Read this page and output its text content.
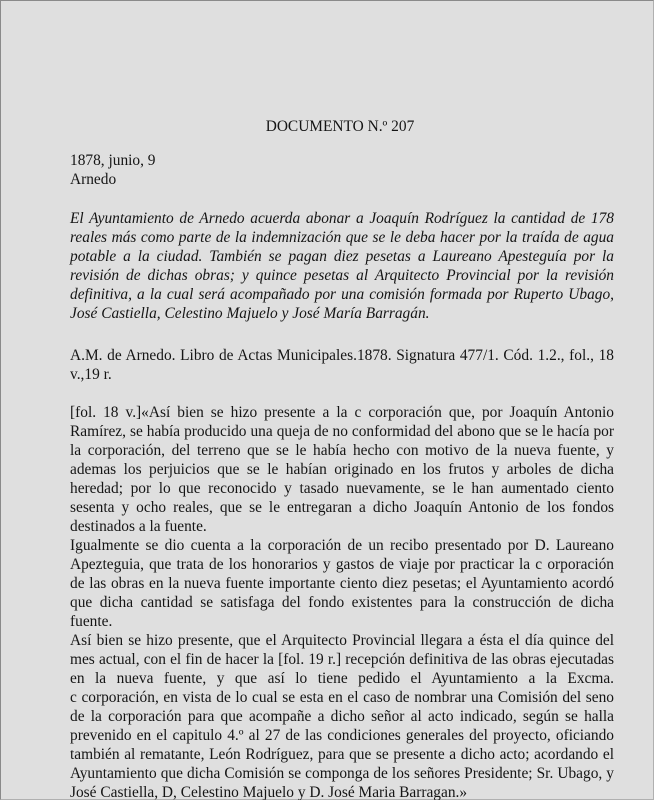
DOCUMENTO N.º 207
1878, junio, 9
Arnedo
El Ayuntamiento de Arnedo acuerda abonar a Joaquín Rodríguez la cantidad de 178
reales más como parte de la indemnización que se le deba hacer por la traída de agua
potable a la ciudad. También se pagan diez pesetas a Laureano Apesteguía por la
revisión de dichas obras; y quince pesetas al Arquitecto Provincial por la revisión
definitiva, a la cual será acompañado por una comisión formada por Ruperto Ubago,
José Castiella, Celestino Majuelo y José María Barragán.
A.M. de Arnedo. Libro de Actas Municipales.1878. Signatura 477/1. Cód. 1.2., fol., 18
v.,19 r.
[fol. 18 v.]«Así bien se hizo presente a la c corporación que, por Joaquín Antonio
Ramírez, se había producido una queja de no conformidad del abono que se le hacía por
la corporación, del terreno que se le había hecho con motivo de la nueva fuente, y
ademas los perjuicios que se le habían originado en los frutos y arboles de dicha
heredad; por lo que reconocido y tasado nuevamente, se le han aumentado ciento
sesenta y ocho reales, que se le entregaran a dicho Joaquín Antonio de los fondos
destinados a la fuente.
Igualmente se dio cuenta a la corporación de un recibo presentado por D. Laureano
Apezteguia, que trata de los honorarios y gastos de viaje por practicar la c orporación
de las obras en la nueva fuente importante ciento diez pesetas; el Ayuntamiento acordó
que dicha cantidad se satisfaga del fondo existentes para la construcción de dicha
fuente.
Así bien se hizo presente, que el Arquitecto Provincial llegara a ésta el día quince del
mes actual, con el fin de hacer la [fol. 19 r.] recepción definitiva de las obras ejecutadas
en la nueva fuente, y que así lo tiene pedido el Ayuntamiento a la Excma.
c corporación, en vista de lo cual se esta en el caso de nombrar una Comisión del seno
de la corporación para que acompañe a dicho señor al acto indicado, según se halla
prevenido en el capitulo 4.º al 27 de las condiciones generales del proyecto, oficiando
también al rematante, León Rodríguez, para que se presente a dicho acto; acordando el
Ayuntamiento que dicha Comisión se componga de los señores Presidente; Sr. Ubago, y
José Castiella, D, Celestino Majuelo y D. José Maria Barragan.»
